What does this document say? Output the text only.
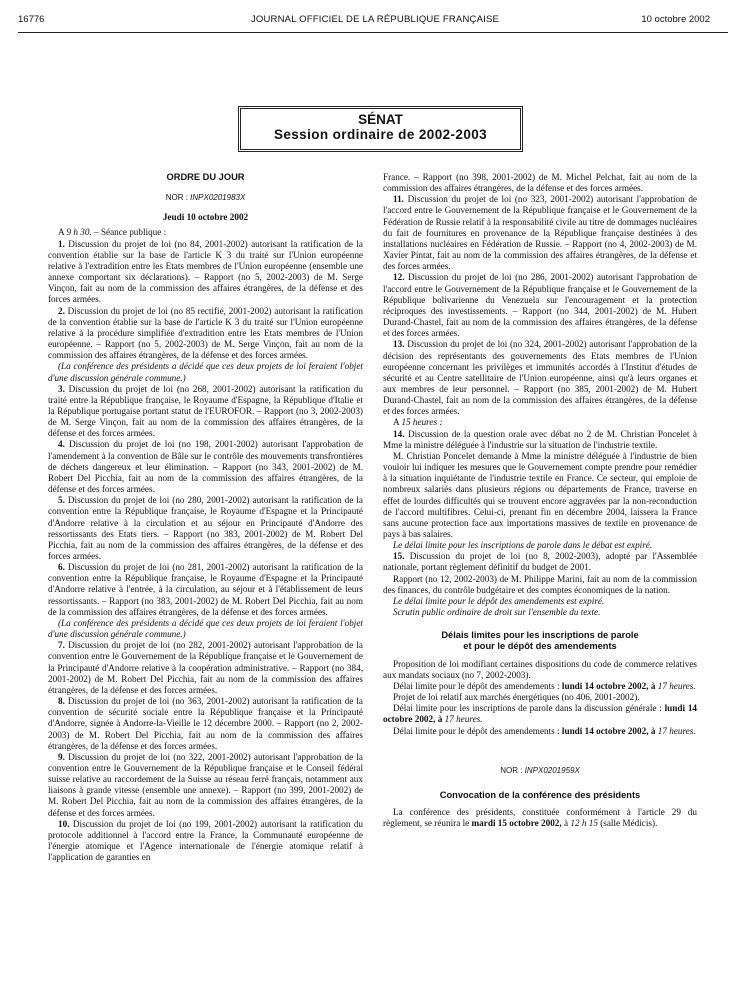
16776	JOURNAL OFFICIEL DE LA RÉPUBLIQUE FRANÇAISE	10 octobre 2002
SÉNAT
Session ordinaire de 2002-2003

ORDRE DU JOUR

NOR : INPX0201983X

Jeudi 10 octobre 2002

A 9 h 30. – Séance publique :

1. Discussion du projet de loi (no 84, 2001-2002) autorisant la ratification de la convention établie sur la base de l'article K 3 du traité sur l'Union européenne relative à l'extradition entre les Etats membres de l'Union européenne (ensemble une annexe comportant six déclarations). – Rapport (no 5, 2002-2003) de M. Serge Vinçon, fait au nom de la commission des affaires étrangères, de la défense et des forces armées.

2. Discussion du projet de loi (no 85 rectifié, 2001-2002) autorisant la ratification de la convention établie sur la base de l'article K 3 du traité sur l'Union européenne relative à la procédure simplifiée d'extradition entre les Etats membres de l'Union européenne. – Rapport (no 5, 2002-2003) de M. Serge Vinçon, fait au nom de la commission des affaires étrangères, de la défense et des forces armées.

(La conférence des présidents a décidé que ces deux projets de loi feraient l'objet d'une discussion générale commune.)

3. Discussion du projet de loi (no 268, 2001-2002) autorisant la ratification du traité entre la République française, le Royaume d'Espagne, la République d'Italie et la République portugaise portant statut de l'EUROFOR. – Rapport (no 3, 2002-2003) de M. Serge Vinçon, fait au nom de la commission des affaires étrangères, de la défense et des forces armées.

4. Discussion du projet de loi (no 198, 2001-2002) autorisant l'approbation de l'amendement à la convention de Bâle sur le contrôle des mouvements transfrontières de déchets dangereux et leur élimination. – Rapport (no 343, 2001-2002) de M. Robert Del Picchia, fait au nom de la commission des affaires étrangères, de la défense et des forces armées.

5. Discussion du projet de loi (no 280, 2001-2002) autorisant la ratification de la convention entre la République française, le Royaume d'Espagne et la Principauté d'Andorre relative à la circulation et au séjour en Principauté d'Andorre des ressortissants des Etats tiers. – Rapport (no 383, 2001-2002) de M. Robert Del Picchia, fait au nom de la commission des affaires étrangères, de la défense et des forces armées.

6. Discussion du projet de loi (no 281, 2001-2002) autorisant la ratification de la convention entre la République française, le Royaume d'Espagne et la Principauté d'Andorre relative à l'entrée, à la circulation, au séjour et à l'établissement de leurs ressortissants. – Rapport (no 383, 2001-2002) de M. Robert Del Picchia, fait au nom de la commission des affaires étrangères, de la défense et des forces armées.

(La conférence des présidents a décidé que ces deux projets de loi feraient l'objet d'une discussion générale commune.)

7. Discussion du projet de loi (no 282, 2001-2002) autorisant l'approbation de la convention entre le Gouvernement de la République française et le Gouvernement de la Principauté d'Andorre relative à la coopération administrative. – Rapport (no 384, 2001-2002) de M. Robert Del Picchia, fait au nom de la commission des affaires étrangères, de la défense et des forces armées.

8. Discussion du projet de loi (no 363, 2001-2002) autorisant la ratification de la convention de sécurité sociale entre la République française et la Principauté d'Andorre, signée à Andorre-la-Vieille le 12 décembre 2000. – Rapport (no 2, 2002-2003) de M. Robert Del Picchia, fait au nom de la commission des affaires étrangères, de la défense et des forces armées.

9. Discussion du projet de loi (no 322, 2001-2002) autorisant l'approbation de la convention entre le Gouvernement de la République française et le Conseil fédéral suisse relative au raccordement de la Suisse au réseau ferré français, notamment aux liaisons à grande vitesse (ensemble une annexe). – Rapport (no 399, 2001-2002) de M. Robert Del Picchia, fait au nom de la commission des affaires étrangères, de la défense et des forces armées.

10. Discussion du projet de loi (no 199, 2001-2002) autorisant la ratification du protocole additionnel à l'accord entre la France, la Communauté européenne de l'énergie atomique et l'Agence internationale de l'énergie atomique relatif à l'application de garanties en

France. – Rapport (no 398, 2001-2002) de M. Michel Pelchat, fait au nom de la commission des affaires étrangères, de la défense et des forces armées.

11. Discussion du projet de loi (no 323, 2001-2002) autorisant l'approbation de l'accord entre le Gouvernement de la République française et le Gouvernement de la Fédération de Russie relatif à la responsabilité civile au titre de dommages nucléaires du fait de fournitures en provenance de la République française destinées à des installations nucléaires en Fédération de Russie. – Rapport (no 4, 2002-2003) de M. Xavier Pintat, fait au nom de la commission des affaires étrangères, de la défense et des forces armées.

12. Discussion du projet de loi (no 286, 2001-2002) autorisant l'approbation de l'accord entre le Gouvernement de la République française et le Gouvernement de la République bolivarienne du Venezuela sur l'encouragement et la protection réciproques des investissements. – Rapport (no 344, 2001-2002) de M. Hubert Durand-Chastel, fait au nom de la commission des affaires étrangères, de la défense et des forces armées.

13. Discussion du projet de loi (no 324, 2001-2002) autorisant l'approbation de la décision des représentants des gouvernements des Etats membres de l'Union européenne concernant les privilèges et immunités accordés à l'Institut d'études de sécurité et au Centre satellitaire de l'Union européenne, ainsi qu'à leurs organes et aux membres de leur personnel. – Rapport (no 385, 2001-2002) de M. Hubert Durand-Chastel, fait au nom de la commission des affaires étrangères, de la défense et des forces armées.

A 15 heures :

14. Discussion de la question orale avec débat no 2 de M. Christian Poncelet à Mme la ministre déléguée à l'industrie sur la situation de l'industrie textile.

M. Christian Poncelet demande à Mme la ministre déléguée à l'industrie de bien vouloir lui indiquer les mesures que le Gouvernement compte prendre pour remédier à la situation inquiétante de l'industrie textile en France. Ce secteur, qui emploie de nombreux salariés dans plusieurs régions ou départements de France, traverse en effet de lourdes difficultés qui se trouvent encore aggravées par la non-reconduction de l'accord multifibres. Celui-ci, prenant fin en décembre 2004, laissera la France sans aucune protection face aux importations massives de textile en provenance de pays à bas salaires.

Le délai limite pour les inscriptions de parole dans le débat est expiré.

15. Discussion du projet de loi (no 8, 2002-2003), adopté par l'Assemblée nationale, portant règlement définitif du budget de 2001.

Rapport (no 12, 2002-2003) de M. Philippe Marini, fait au nom de la commission des finances, du contrôle budgétaire et des comptes économiques de la nation.

Le délai limite pour le dépôt des amendements est expiré.

Scrutin public ordinaire de droit sur l'ensemble du texte.

Délais limites pour les inscriptions de parole

et pour le dépôt des amendements

Proposition de loi modifiant certaines dispositions du code de commerce relatives aux mandats sociaux (no 7, 2002-2003).

Délai limite pour le dépôt des amendements : lundi 14 octobre 2002, à 17 heures.

Projet de loi relatif aux marchés énergétiques (no 406, 2001-2002).

Délai limite pour les inscriptions de parole dans la discussion générale : lundi 14 octobre 2002, à 17 heures.

Délai limite pour le dépôt des amendements : lundi 14 octobre 2002, à 17 heures.

NOR : INPX0201959X

Convocation de la conférence des présidents

La conférence des présidents, constituée conformément à l'article 29 du règlement, se réunira le mardi 15 octobre 2002, à 12 h 15 (salle Médicis).
